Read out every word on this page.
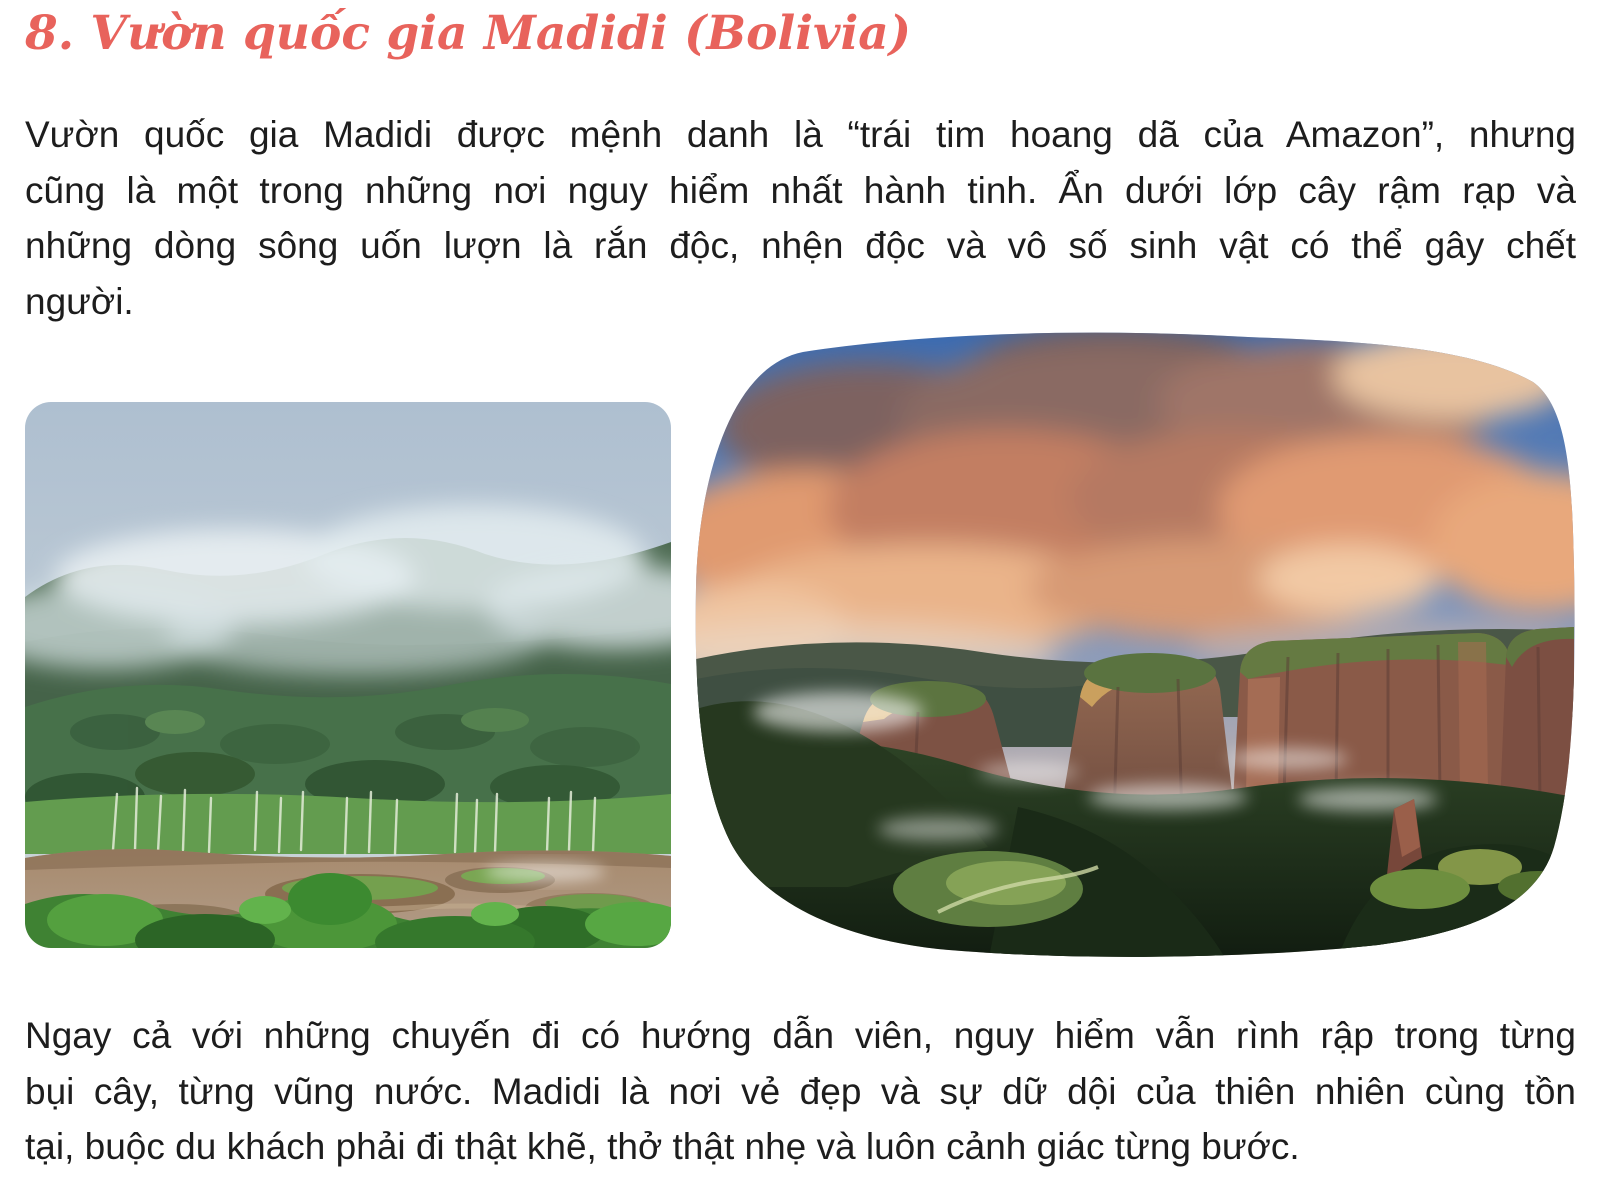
8. Vườn quốc gia Madidi (Bolivia)
Vườn quốc gia Madidi được mệnh danh là “trái tim hoang dã của Amazon”, nhưng
cũng là một trong những nơi nguy hiểm nhất hành tinh. Ẩn dưới lớp cây rậm rạp và
những dòng sông uốn lượn là rắn độc, nhện độc và vô số sinh vật có thể gây chết
người.
Ngay cả với những chuyến đi có hướng dẫn viên, nguy hiểm vẫn rình rập trong từng
bụi cây, từng vũng nước. Madidi là nơi vẻ đẹp và sự dữ dội của thiên nhiên cùng tồn
tại, buộc du khách phải đi thật khẽ, thở thật nhẹ và luôn cảnh giác từng bước.
